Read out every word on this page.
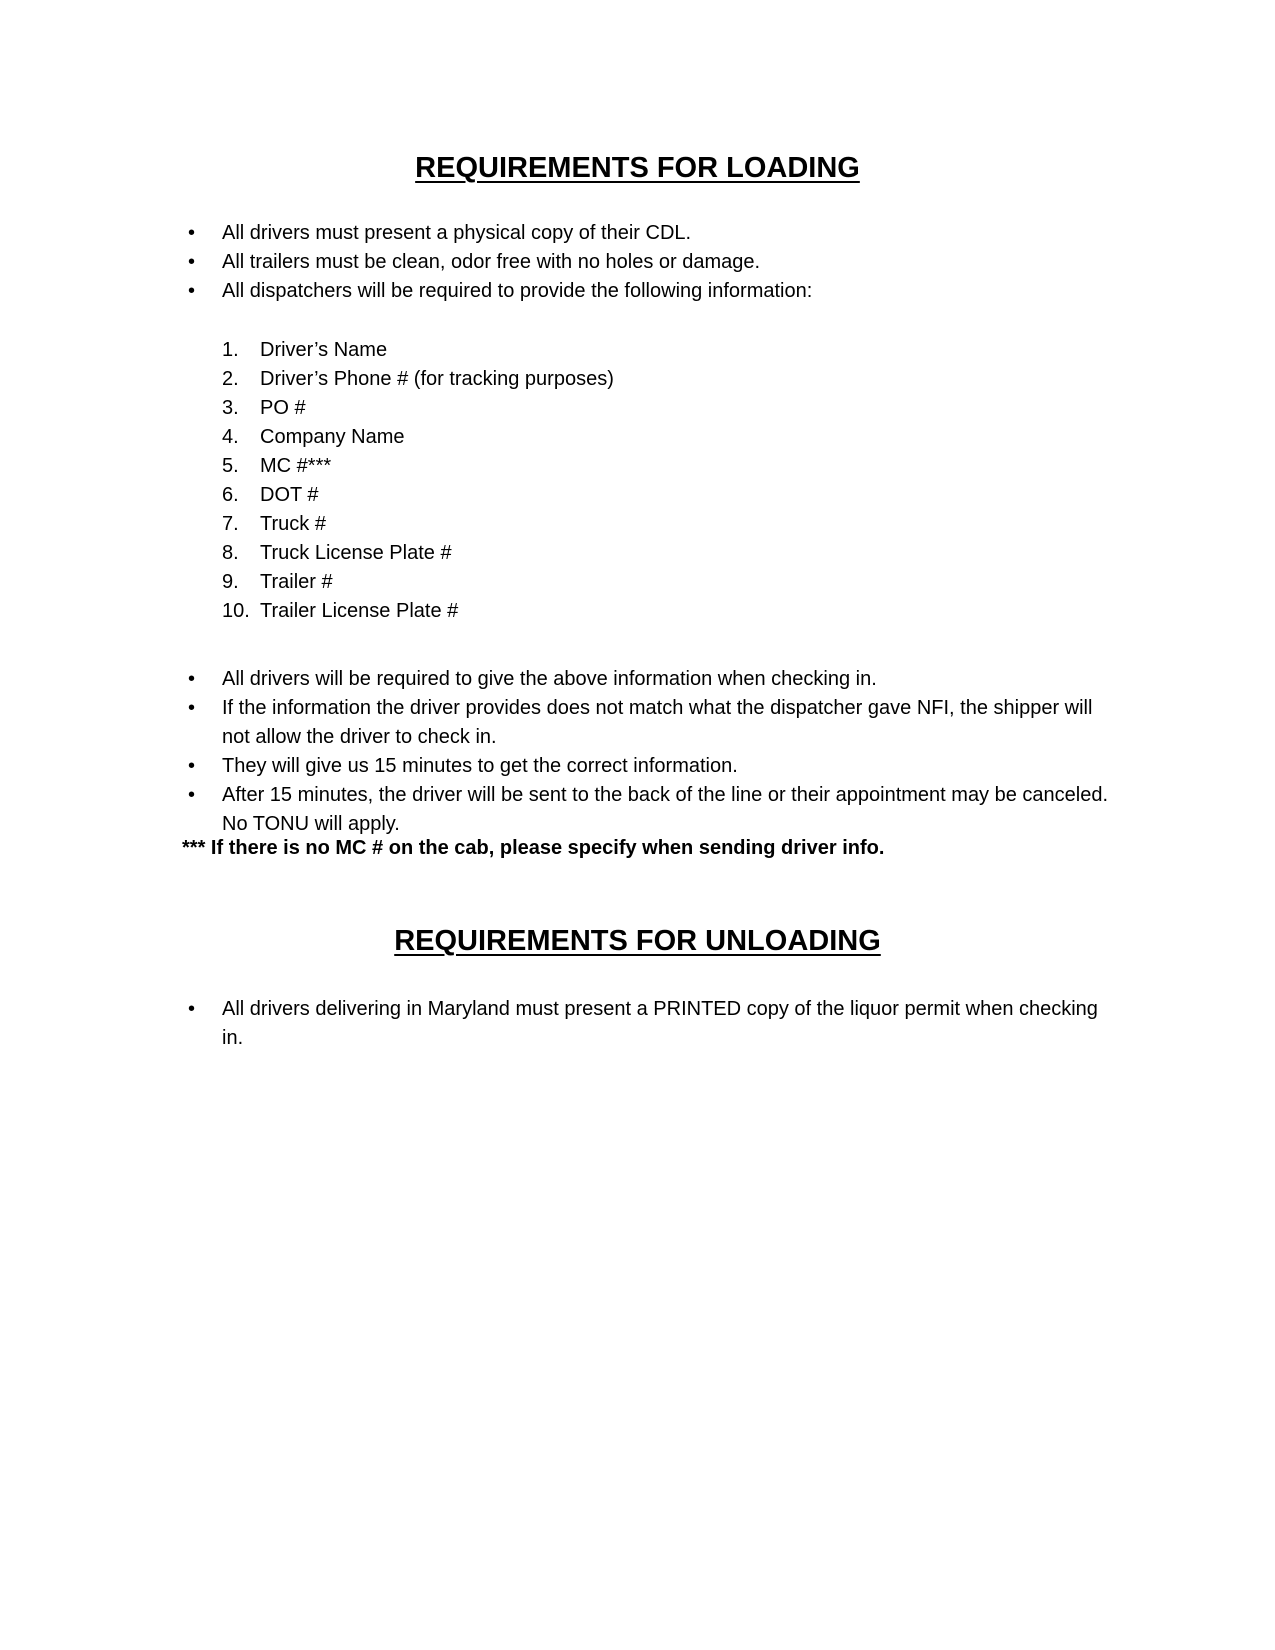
REQUIREMENTS FOR LOADING
• All drivers must present a physical copy of their CDL.
• All trailers must be clean, odor free with no holes or damage.
• All dispatchers will be required to provide the following information:
1. Driver’s Name
2. Driver’s Phone # (for tracking purposes)
3. PO #
4. Company Name
5. MC #***
6. DOT #
7. Truck #
8. Truck License Plate #
9. Trailer #
10. Trailer License Plate #
• All drivers will be required to give the above information when checking in.
• If the information the driver provides does not match what the dispatcher gave NFI, the shipper will not allow the driver to check in.
• They will give us 15 minutes to get the correct information.
• After 15 minutes, the driver will be sent to the back of the line or their appointment may be canceled. No TONU will apply.

*** If there is no MC # on the cab, please specify when sending driver info.

REQUIREMENTS FOR UNLOADING
• All drivers delivering in Maryland must present a PRINTED copy of the liquor permit when checking in.
